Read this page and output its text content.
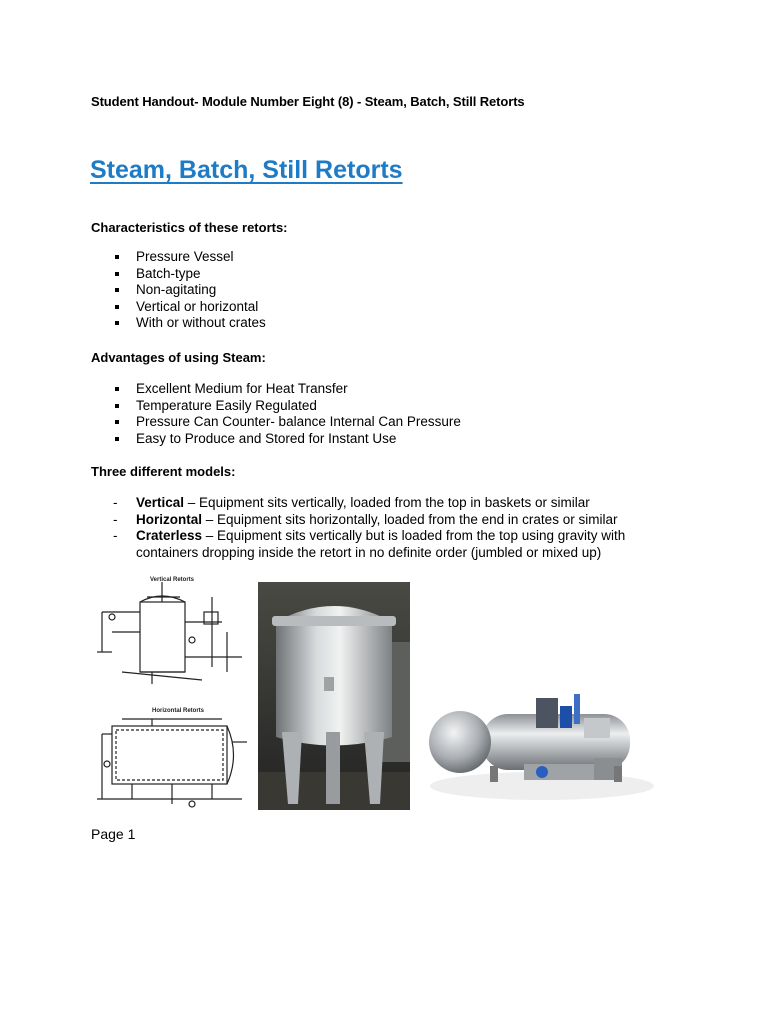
Student Handout- Module Number Eight (8) - Steam, Batch, Still Retorts
Steam, Batch, Still Retorts
Characteristics of these retorts:
Pressure Vessel
Batch-type
Non-agitating
Vertical or horizontal
With or without crates
Advantages of using Steam:
Excellent Medium for Heat Transfer
Temperature Easily Regulated
Pressure Can Counter- balance Internal Can Pressure
Easy to Produce and Stored for Instant Use
Three different models:
- Vertical – Equipment sits vertically, loaded from the top in baskets or similar
- Horizontal – Equipment sits horizontally, loaded from the end in crates or similar
- Craterless – Equipment sits vertically but is loaded from the top using gravity with containers dropping inside the retort in no definite order (jumbled or mixed up)
Vertical Retorts
Horizontal Retorts
Page 1
